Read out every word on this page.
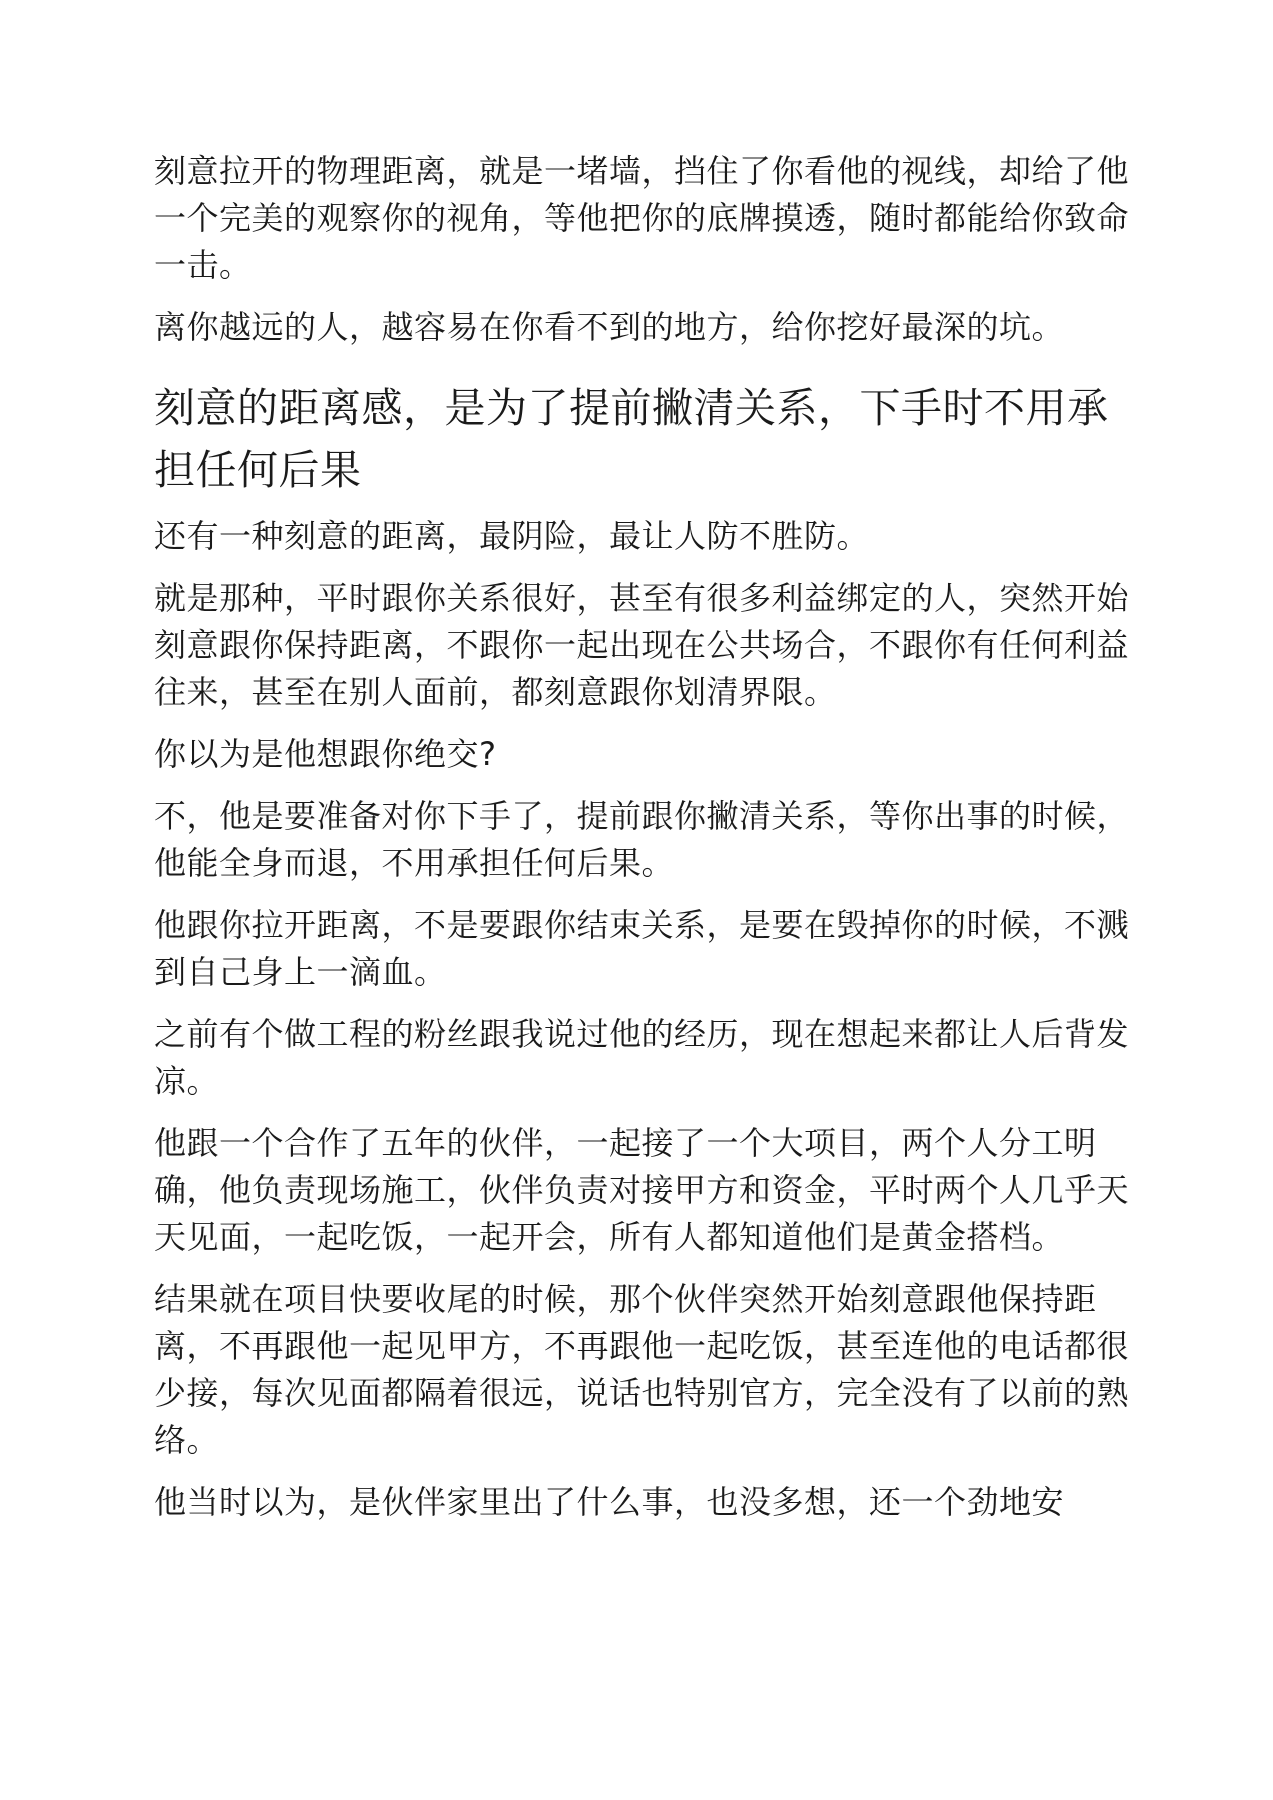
刻意拉开的物理距离，就是一堵墙，挡住了你看他的视线，却给了他一个完美的观察你的视角，等他把你的底牌摸透，随时都能给你致命一击。

离你越远的人，越容易在你看不到的地方，给你挖好最深的坑。

刻意的距离感，是为了提前撇清关系，下手时不用承担任何后果

还有一种刻意的距离，最阴险，最让人防不胜防。

就是那种，平时跟你关系很好，甚至有很多利益绑定的人，突然开始刻意跟你保持距离，不跟你一起出现在公共场合，不跟你有任何利益往来，甚至在别人面前，都刻意跟你划清界限。

你以为是他想跟你绝交?

不，他是要准备对你下手了，提前跟你撇清关系，等你出事的时候，他能全身而退，不用承担任何后果。

他跟你拉开距离，不是要跟你结束关系，是要在毁掉你的时候，不溅到自己身上一滴血。

之前有个做工程的粉丝跟我说过他的经历，现在想起来都让人后背发凉。

他跟一个合作了五年的伙伴，一起接了一个大项目，两个人分工明确，他负责现场施工，伙伴负责对接甲方和资金，平时两个人几乎天天见面，一起吃饭，一起开会，所有人都知道他们是黄金搭档。

结果就在项目快要收尾的时候，那个伙伴突然开始刻意跟他保持距离，不再跟他一起见甲方，不再跟他一起吃饭，甚至连他的电话都很少接，每次见面都隔着很远，说话也特别官方，完全没有了以前的熟络。

他当时以为，是伙伴家里出了什么事，也没多想，还一个劲地安
